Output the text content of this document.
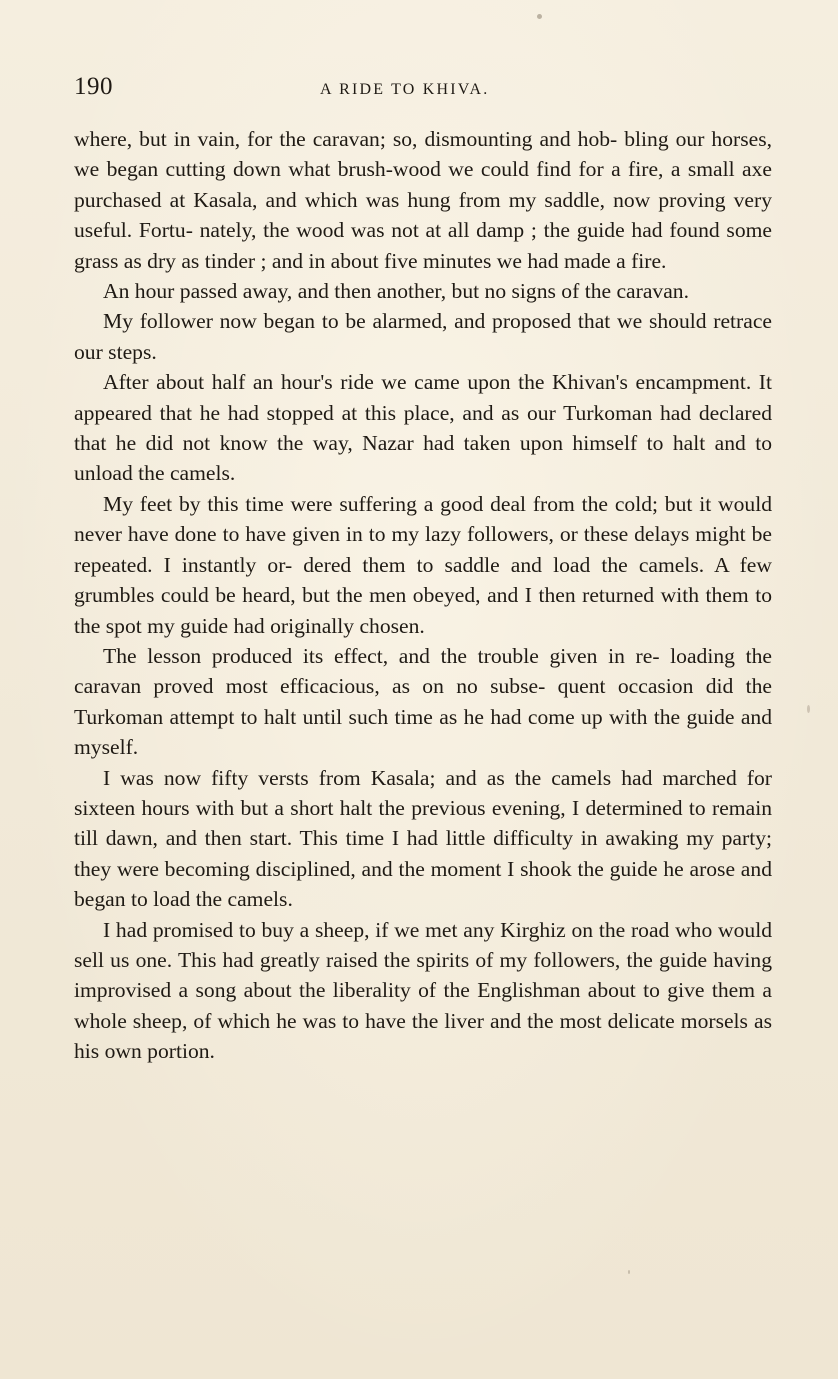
190	A RIDE TO KHIVA.

where, but in vain, for the caravan; so, dismounting and hob- bling our horses, we began cutting down what brush-wood we could find for a fire, a small axe purchased at Kasala, and which was hung from my saddle, now proving very useful. Fortu- nately, the wood was not at all damp ; the guide had found some grass as dry as tinder ; and in about five minutes we had made a fire.

An hour passed away, and then another, but no signs of the caravan.

My follower now began to be alarmed, and proposed that we should retrace our steps.

After about half an hour's ride we came upon the Khivan's encampment. It appeared that he had stopped at this place, and as our Turkoman had declared that he did not know the way, Nazar had taken upon himself to halt and to unload the camels.

My feet by this time were suffering a good deal from the cold; but it would never have done to have given in to my lazy followers, or these delays might be repeated. I instantly or- dered them to saddle and load the camels. A few grumbles could be heard, but the men obeyed, and I then returned with them to the spot my guide had originally chosen.

The lesson produced its effect, and the trouble given in re- loading the caravan proved most efficacious, as on no subse- quent occasion did the Turkoman attempt to halt until such time as he had come up with the guide and myself.

I was now fifty versts from Kasala; and as the camels had marched for sixteen hours with but a short halt the previous evening, I determined to remain till dawn, and then start. This time I had little difficulty in awaking my party; they were becoming disciplined, and the moment I shook the guide he arose and began to load the camels.

I had promised to buy a sheep, if we met any Kirghiz on the road who would sell us one. This had greatly raised the spirits of my followers, the guide having improvised a song about the liberality of the Englishman about to give them a whole sheep, of which he was to have the liver and the most delicate morsels as his own portion.
